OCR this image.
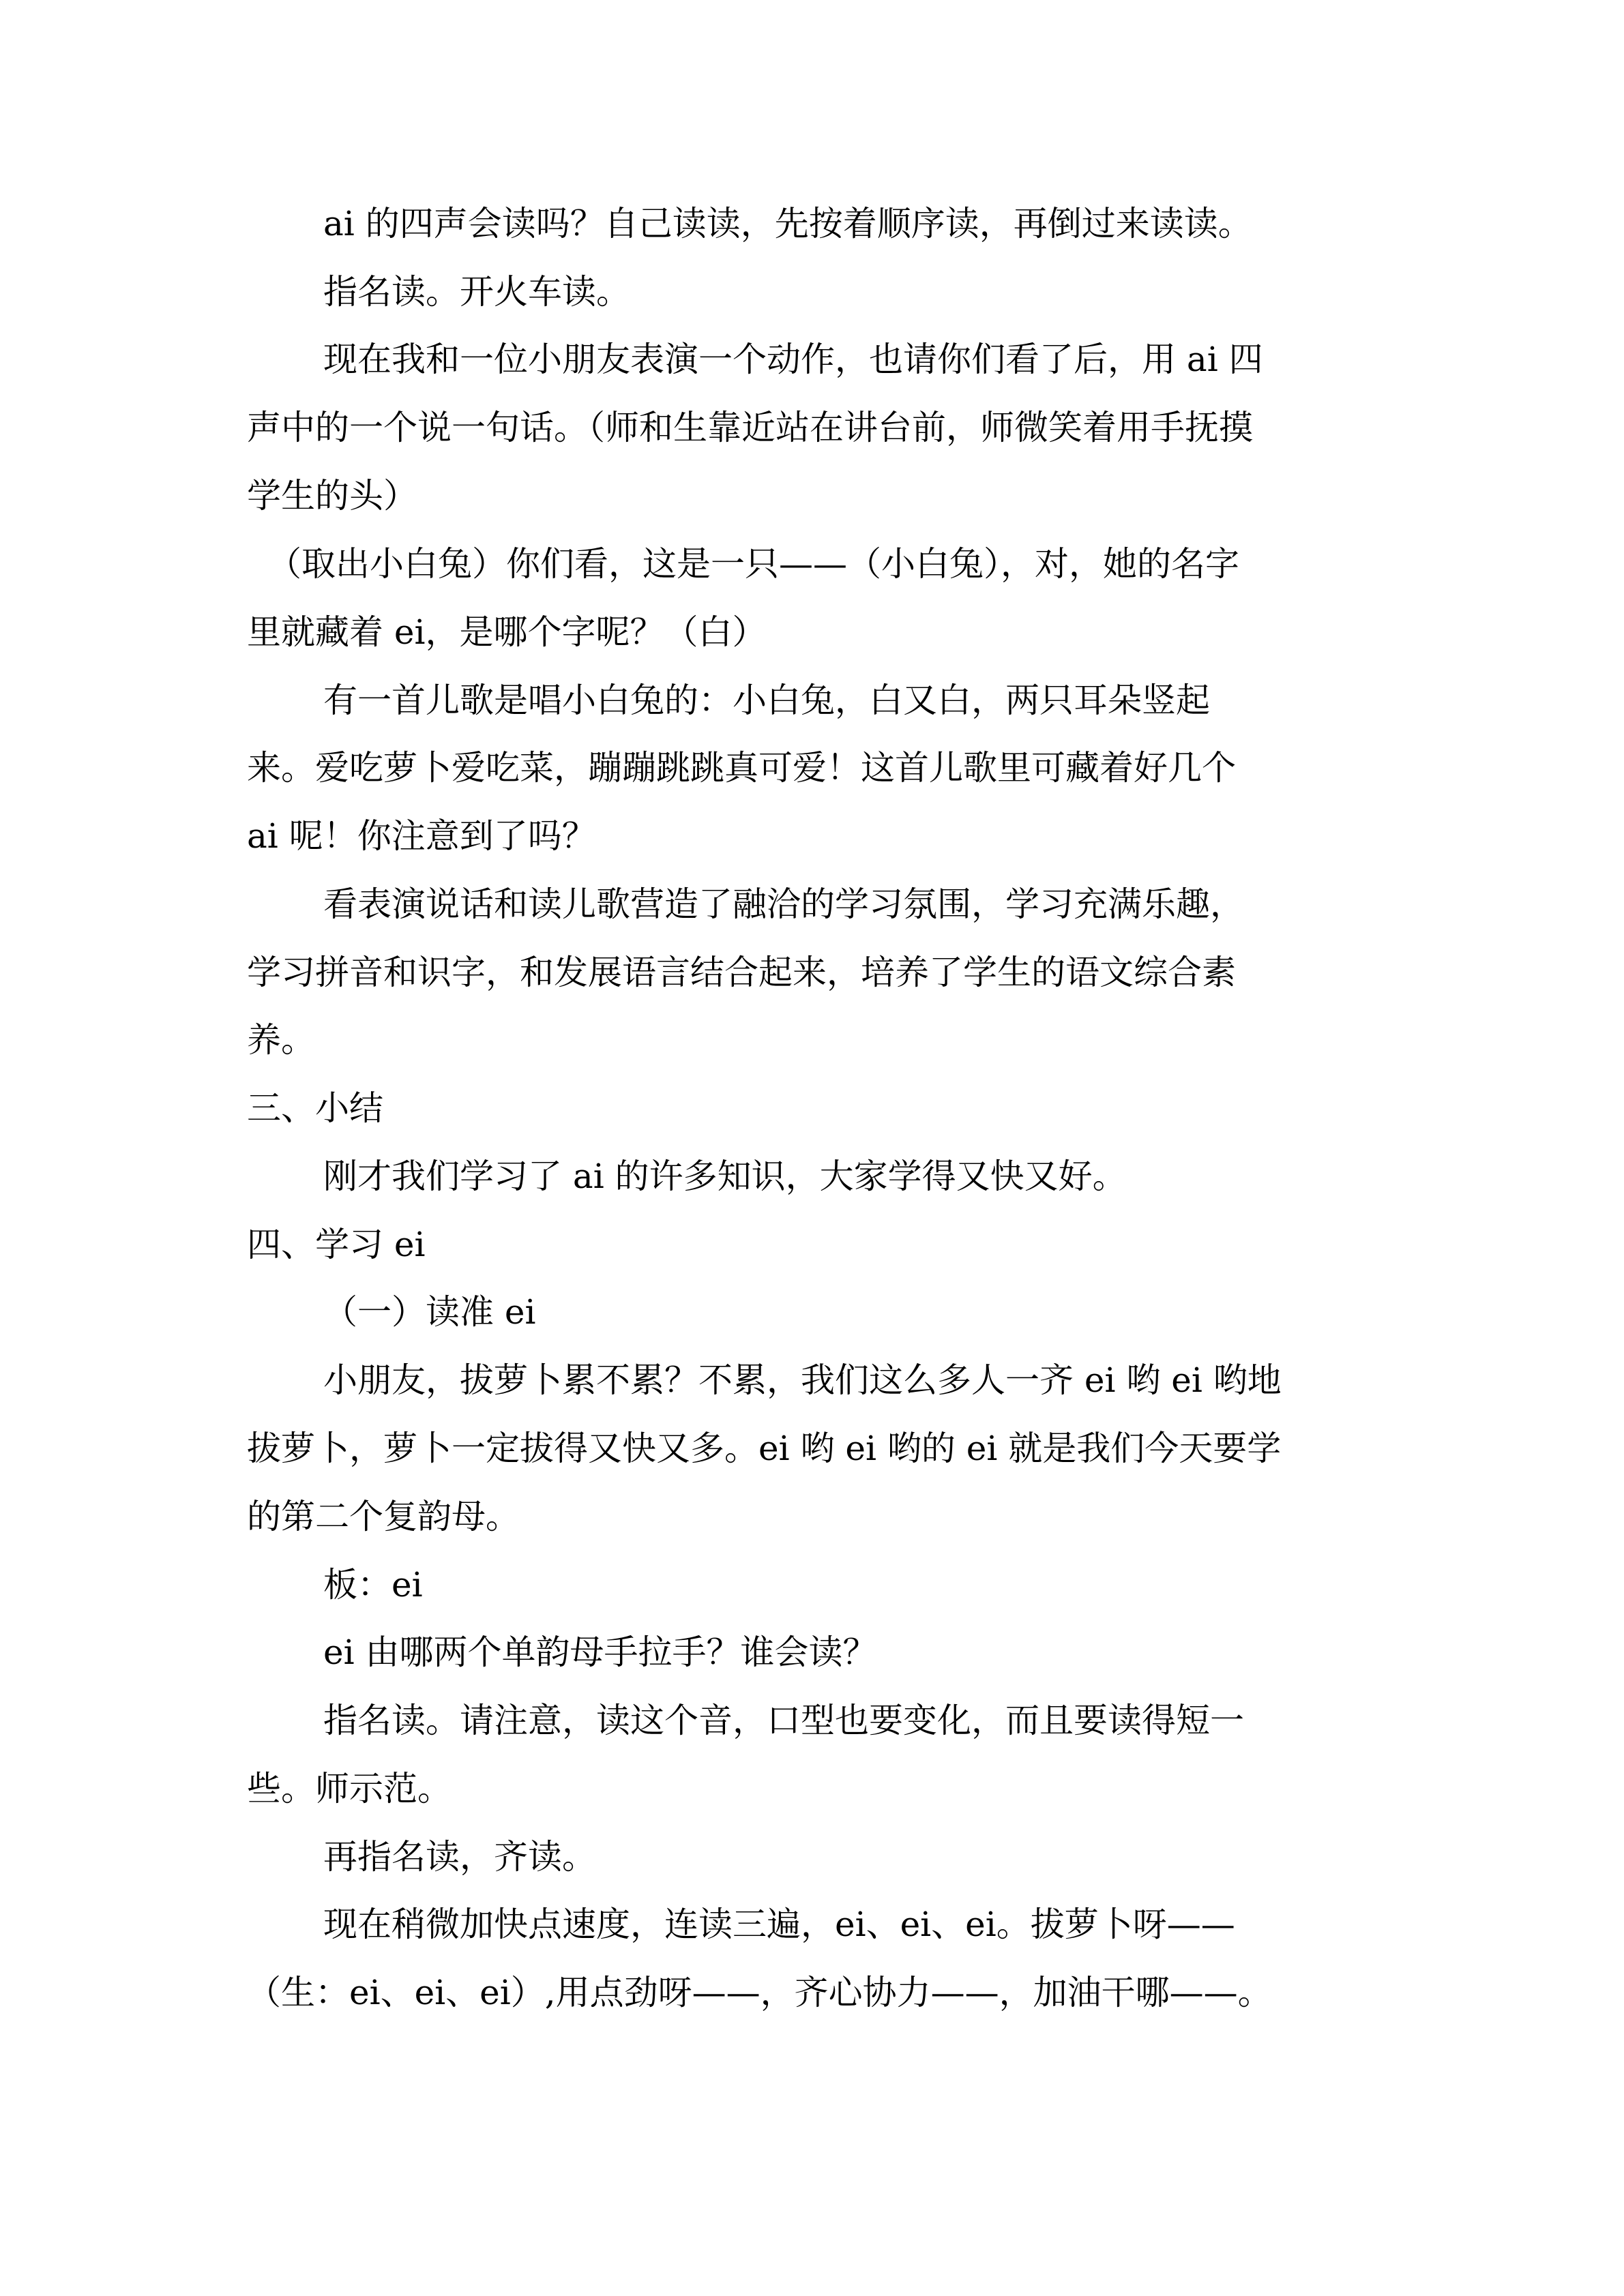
ai 的四声会读吗？自己读读，先按着顺序读，再倒过来读读。
指名读。开火车读。
现在我和一位小朋友表演一个动作，也请你们看了后，用 ai 四
声中的一个说一句话。（师和生靠近站在讲台前，师微笑着用手抚摸
学生的头）
（取出小白兔）你们看，这是一只——（小白兔），对，她的名字
里就藏着 ei，是哪个字呢？（白）
有一首儿歌是唱小白兔的：小白兔，白又白，两只耳朵竖起
来。爱吃萝卜爱吃菜，蹦蹦跳跳真可爱！这首儿歌里可藏着好几个
ai 呢！你注意到了吗？
看表演说话和读儿歌营造了融洽的学习氛围，学习充满乐趣，
学习拼音和识字，和发展语言结合起来，培养了学生的语文综合素
养。
三、小结
刚才我们学习了 ai 的许多知识，大家学得又快又好。
四、学习 ei
（一）读准 ei
小朋友，拔萝卜累不累？不累，我们这么多人一齐 ei 哟 ei 哟地
拔萝卜，萝卜一定拔得又快又多。ei 哟 ei 哟的 ei 就是我们今天要学
的第二个复韵母。
板：ei
ei 由哪两个单韵母手拉手？谁会读？
指名读。请注意，读这个音，口型也要变化，而且要读得短一
些。师示范。
再指名读，齐读。
现在稍微加快点速度，连读三遍，ei、ei、ei。拔萝卜呀——
（生：ei、ei、ei）,用点劲呀——，齐心协力——，加油干哪——。
